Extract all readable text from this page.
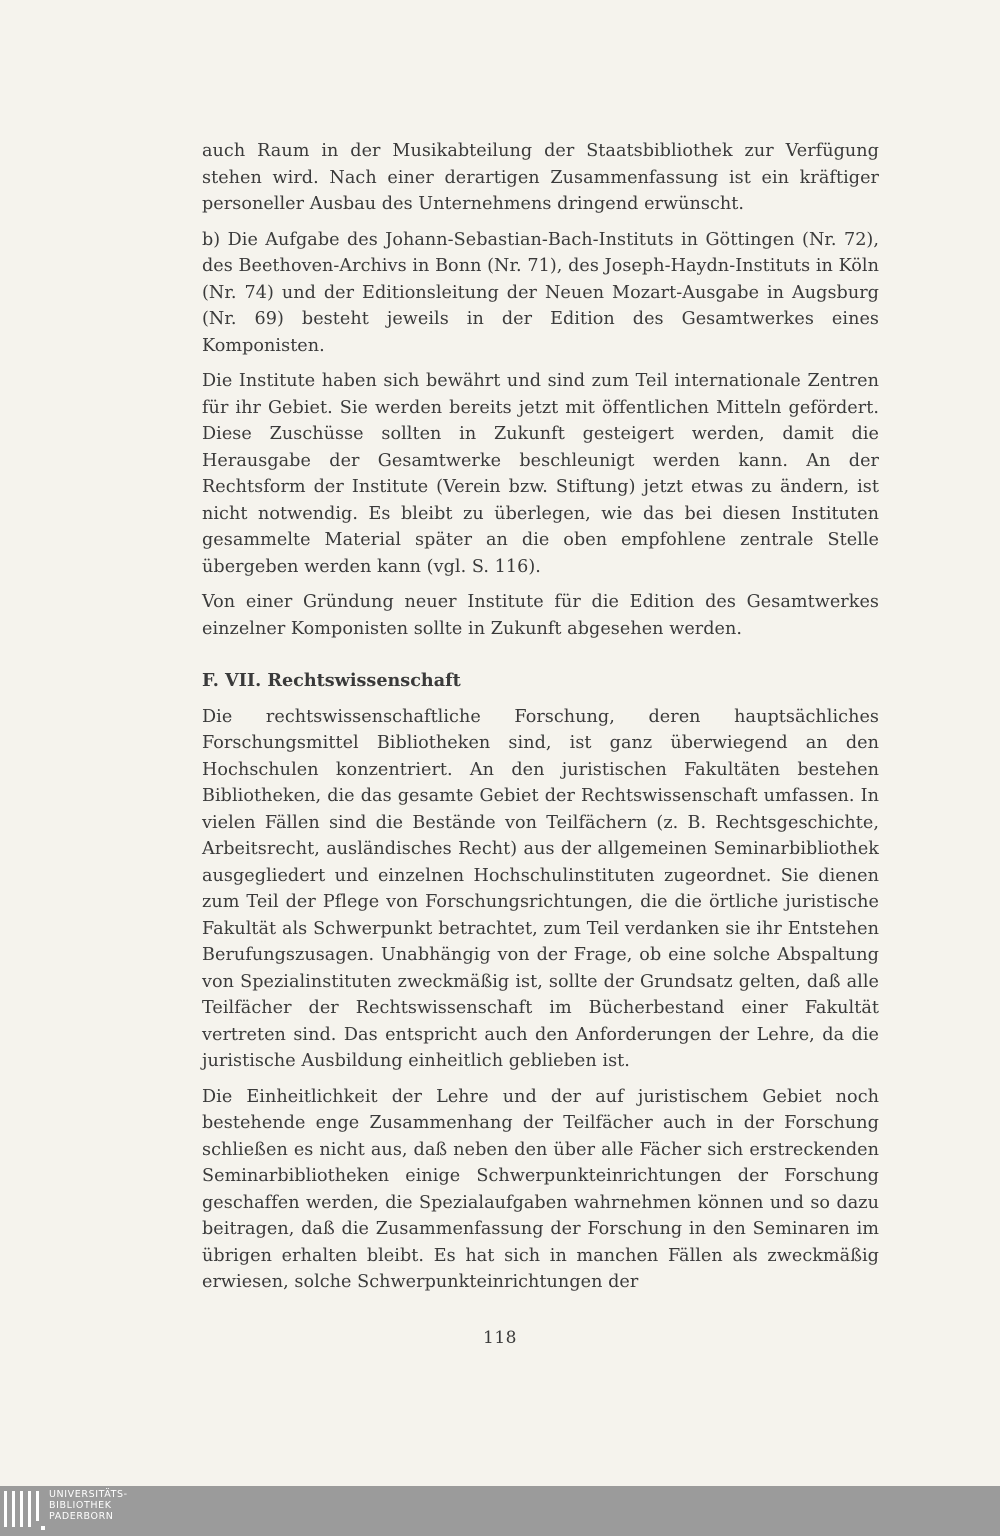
auch Raum in der Musikabteilung der Staatsbibliothek zur Verfügung stehen wird. Nach einer derartigen Zusammenfassung ist ein kräftiger personeller Ausbau des Unternehmens dringend erwünscht.

b) Die Aufgabe des Johann-Sebastian-Bach-Instituts in Göttingen (Nr. 72), des Beethoven-Archivs in Bonn (Nr. 71), des Joseph-Haydn-Instituts in Köln (Nr. 74) und der Editionsleitung der Neuen Mozart-Ausgabe in Augsburg (Nr. 69) besteht jeweils in der Edition des Gesamtwerkes eines Komponisten.

Die Institute haben sich bewährt und sind zum Teil internationale Zentren für ihr Gebiet. Sie werden bereits jetzt mit öffentlichen Mitteln gefördert. Diese Zuschüsse sollten in Zukunft gesteigert werden, damit die Herausgabe der Gesamtwerke beschleunigt werden kann. An der Rechtsform der Institute (Verein bzw. Stiftung) jetzt etwas zu ändern, ist nicht notwendig. Es bleibt zu überlegen, wie das bei diesen Instituten gesammelte Material später an die oben empfohlene zentrale Stelle übergeben werden kann (vgl. S. 116).

Von einer Gründung neuer Institute für die Edition des Gesamtwerkes einzelner Komponisten sollte in Zukunft abgesehen werden.

F. VII. Rechtswissenschaft

Die rechtswissenschaftliche Forschung, deren hauptsächliches Forschungsmittel Bibliotheken sind, ist ganz überwiegend an den Hochschulen konzentriert. An den juristischen Fakultäten bestehen Bibliotheken, die das gesamte Gebiet der Rechtswissenschaft umfassen. In vielen Fällen sind die Bestände von Teilfächern (z. B. Rechtsgeschichte, Arbeitsrecht, ausländisches Recht) aus der allgemeinen Seminarbibliothek ausgegliedert und einzelnen Hochschulinstituten zugeordnet. Sie dienen zum Teil der Pflege von Forschungsrichtungen, die die örtliche juristische Fakultät als Schwerpunkt betrachtet, zum Teil verdanken sie ihr Entstehen Berufungszusagen. Unabhängig von der Frage, ob eine solche Abspaltung von Spezialinstituten zweckmäßig ist, sollte der Grundsatz gelten, daß alle Teilfächer der Rechtswissenschaft im Bücherbestand einer Fakultät vertreten sind. Das entspricht auch den Anforderungen der Lehre, da die juristische Ausbildung einheitlich geblieben ist.

Die Einheitlichkeit der Lehre und der auf juristischem Gebiet noch bestehende enge Zusammenhang der Teilfächer auch in der Forschung schließen es nicht aus, daß neben den über alle Fächer sich erstreckenden Seminarbibliotheken einige Schwerpunkteinrichtungen der Forschung geschaffen werden, die Spezialaufgaben wahrnehmen können und so dazu beitragen, daß die Zusammenfassung der Forschung in den Seminaren im übrigen erhalten bleibt. Es hat sich in manchen Fällen als zweckmäßig erwiesen, solche Schwerpunkteinrichtungen der

118
UNIVERSITÄTS-
BIBLIOTHEK
PADERBORN
